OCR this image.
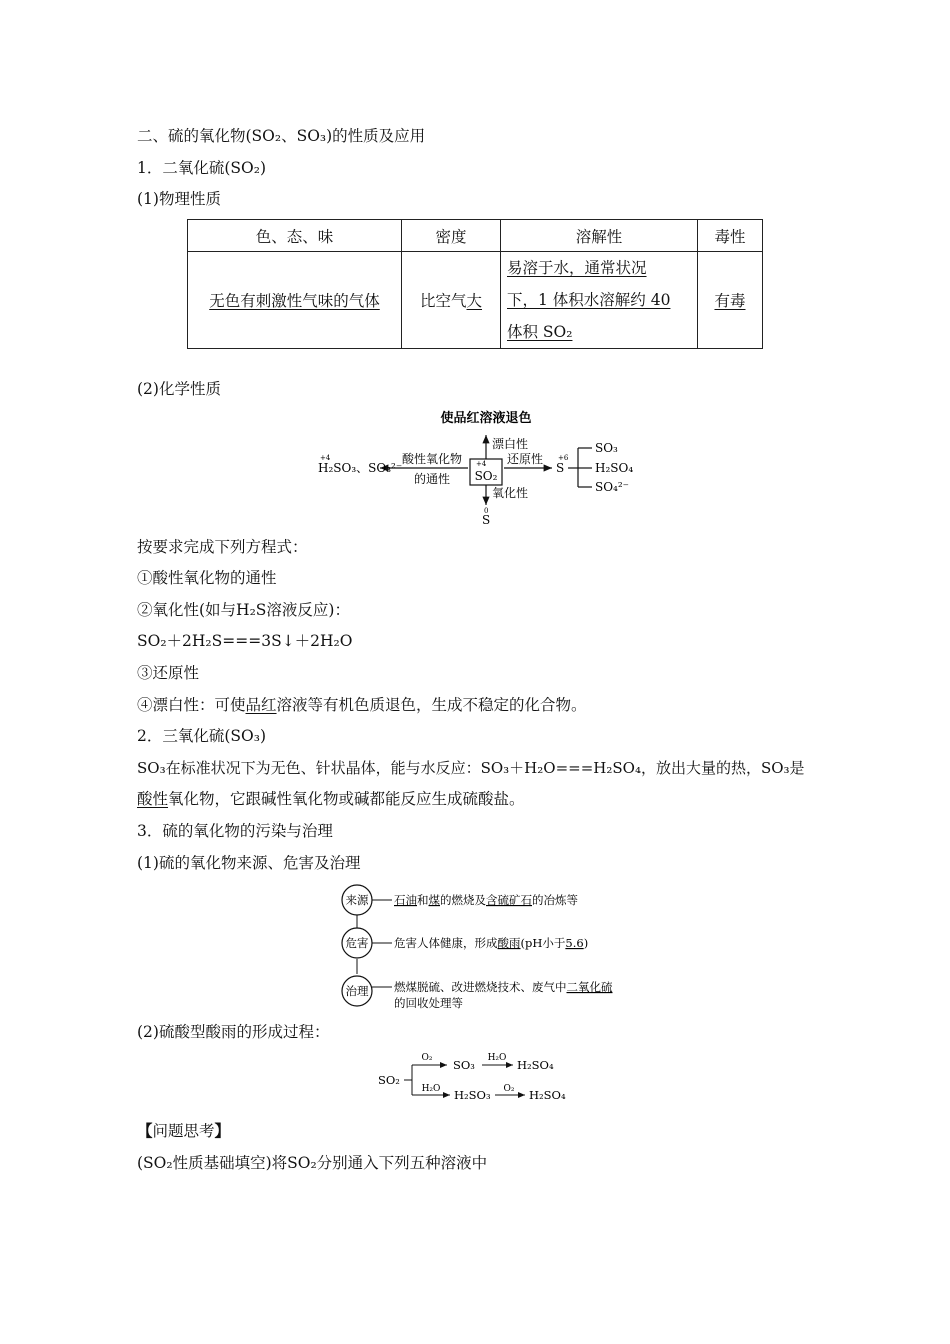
二、硫的氧化物(SO₂、SO₃)的性质及应用
1．二氧化硫(SO₂)
(1)物理性质
色、态、味	密度	溶解性	毒性
无色有刺激性气味的气体	比空气大	易溶于水，通常状况
下，1 体积水溶解约 40
体积 SO₂	有毒
(2)化学性质
使品红溶液退色
漂白性
+4
SO₂
酸性氧化物
的通性
+4
H₂SO₃、SO₃²⁻
还原性 +6
S
SO₃
H₂SO₄
SO₄²⁻
氧化性
0
S
按要求完成下列方程式：
①酸性氧化物的通性
②氧化性(如与H₂S溶液反应)：
SO₂＋2H₂S===3S↓＋2H₂O
③还原性
④漂白性：可使品红溶液等有机色质退色，生成不稳定的化合物。
2．三氧化硫(SO₃)
SO₃在标准状况下为无色、针状晶体，能与水反应：SO₃＋H₂O===H₂SO₄，放出大量的热，SO₃是
酸性氧化物，它跟碱性氧化物或碱都能反应生成硫酸盐。
3．硫的氧化物的污染与治理
(1)硫的氧化物来源、危害及治理
来源 石油和煤的燃烧及含硫矿石的冶炼等
危害 危害人体健康，形成酸雨(pH小于5.6)
治理 燃煤脱硫、改进燃烧技术、废气中二氧化硫
的回收处理等
(2)硫酸型酸雨的形成过程：
SO₂
O₂ SO₃ H₂O H₂SO₄
H₂O H₂SO₃ O₂ H₂SO₄
【问题思考】
(SO₂性质基础填空)将SO₂分别通入下列五种溶液中
